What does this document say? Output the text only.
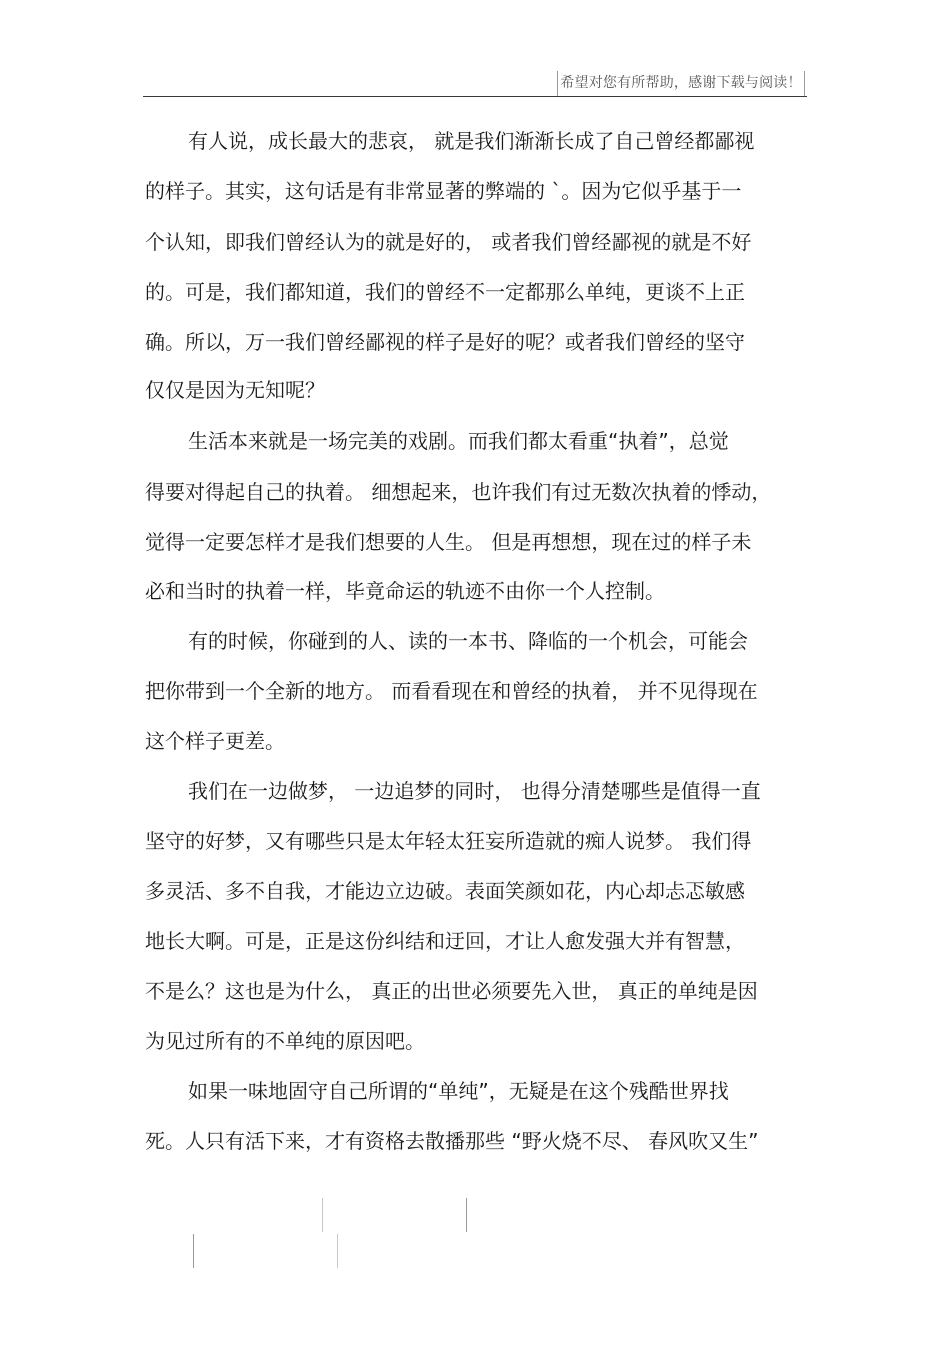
希望对您有所帮助，感谢下载与阅读！
有人说，成长最大的悲哀， 就是我们渐渐长成了自己曾经都鄙视
的样子。其实，这句话是有非常显著的弊端的 `。因为它似乎基于一
个认知，即我们曾经认为的就是好的， 或者我们曾经鄙视的就是不好
的。可是，我们都知道，我们的曾经不一定都那么单纯，更谈不上正
确。所以，万一我们曾经鄙视的样子是好的呢？或者我们曾经的坚守
仅仅是因为无知呢？
生活本来就是一场完美的戏剧。而我们都太看重“执着”，总觉
得要对得起自己的执着。 细想起来，也许我们有过无数次执着的悸动，
觉得一定要怎样才是我们想要的人生。 但是再想想，现在过的样子未
必和当时的执着一样，毕竟命运的轨迹不由你一个人控制。
有的时候，你碰到的人、读的一本书、降临的一个机会，可能会
把你带到一个全新的地方。 而看看现在和曾经的执着， 并不见得现在
这个样子更差。
我们在一边做梦， 一边追梦的同时， 也得分清楚哪些是值得一直
坚守的好梦，又有哪些只是太年轻太狂妄所造就的痴人说梦。 我们得
多灵活、多不自我，才能边立边破。表面笑颜如花，内心却忐忑敏感
地长大啊。可是，正是这份纠结和迂回，才让人愈发强大并有智慧，
不是么？这也是为什么， 真正的出世必须要先入世， 真正的单纯是因
为见过所有的不单纯的原因吧。
如果一味地固守自己所谓的“单纯”，无疑是在这个残酷世界找
死。人只有活下来，才有资格去散播那些 “野火烧不尽、 春风吹又生”
